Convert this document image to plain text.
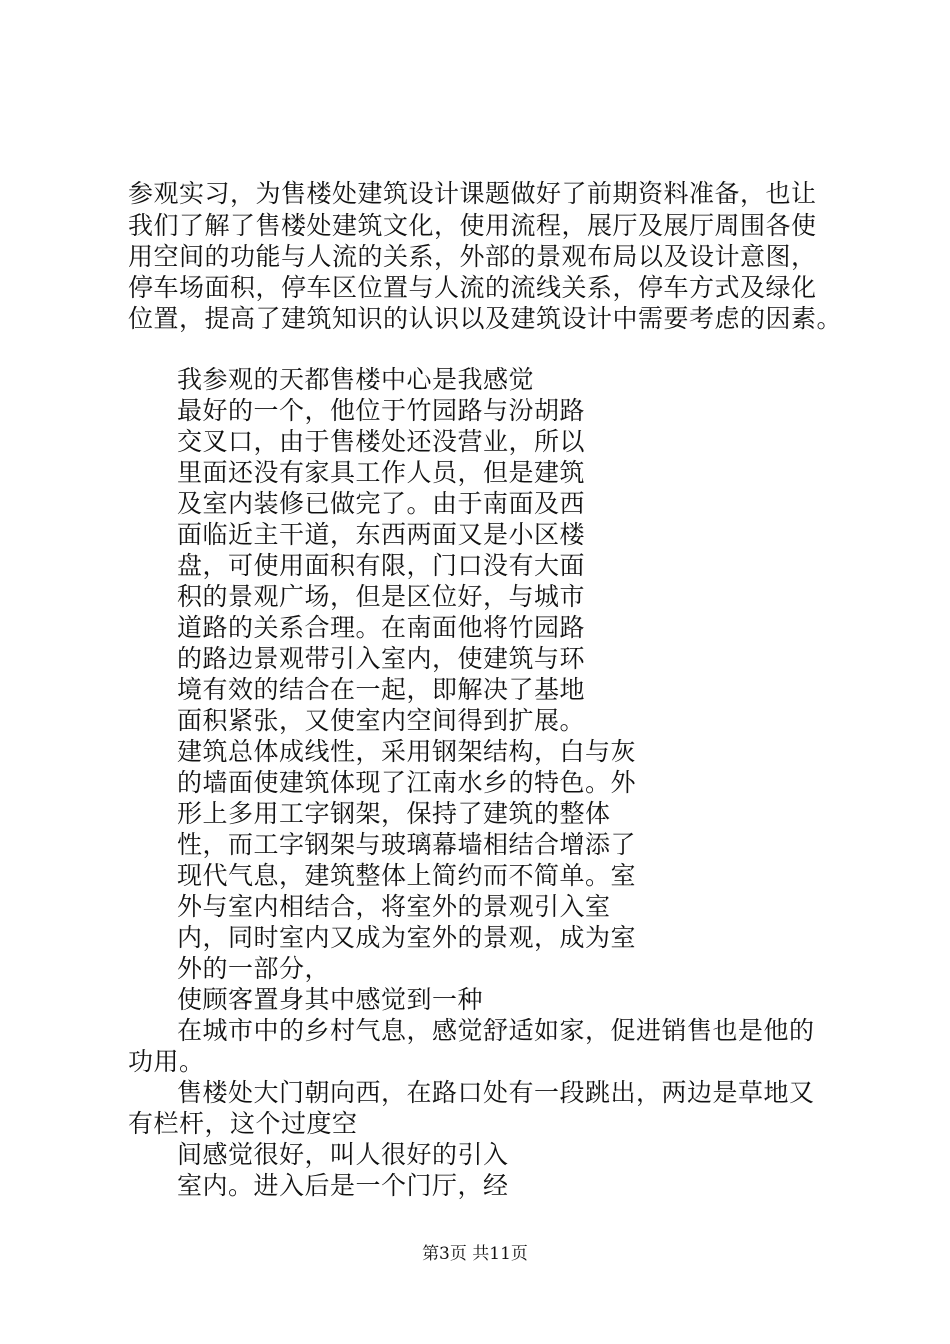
参观实习，为售楼处建筑设计课题做好了前期资料准备，也让
我们了解了售楼处建筑文化，使用流程，展厅及展厅周围各使
用空间的功能与人流的关系，外部的景观布局以及设计意图，
停车场面积，停车区位置与人流的流线关系，停车方式及绿化
位置，提高了建筑知识的认识以及建筑设计中需要考虑的因素。
我参观的天都售楼中心是我感觉
最好的一个，他位于竹园路与汾胡路
交叉口，由于售楼处还没营业，所以
里面还没有家具工作人员，但是建筑
及室内装修已做完了。由于南面及西
面临近主干道，东西两面又是小区楼
盘，可使用面积有限，门口没有大面
积的景观广场，但是区位好，与城市
道路的关系合理。在南面他将竹园路
的路边景观带引入室内，使建筑与环
境有效的结合在一起，即解决了基地
面积紧张，又使室内空间得到扩展。
建筑总体成线性，采用钢架结构，白与灰
的墙面使建筑体现了江南水乡的特色。外
形上多用工字钢架，保持了建筑的整体
性，而工字钢架与玻璃幕墙相结合增添了
现代气息，建筑整体上简约而不简单。室
外与室内相结合，将室外的景观引入室
内，同时室内又成为室外的景观，成为室
外的一部分，
使顾客置身其中感觉到一种
在城市中的乡村气息，感觉舒适如家，促进销售也是他的
功用。
售楼处大门朝向西，在路口处有一段跳出，两边是草地又
有栏杆，这个过度空
间感觉很好，叫人很好的引入
室内。进入后是一个门厅，经
第3页 共11页
